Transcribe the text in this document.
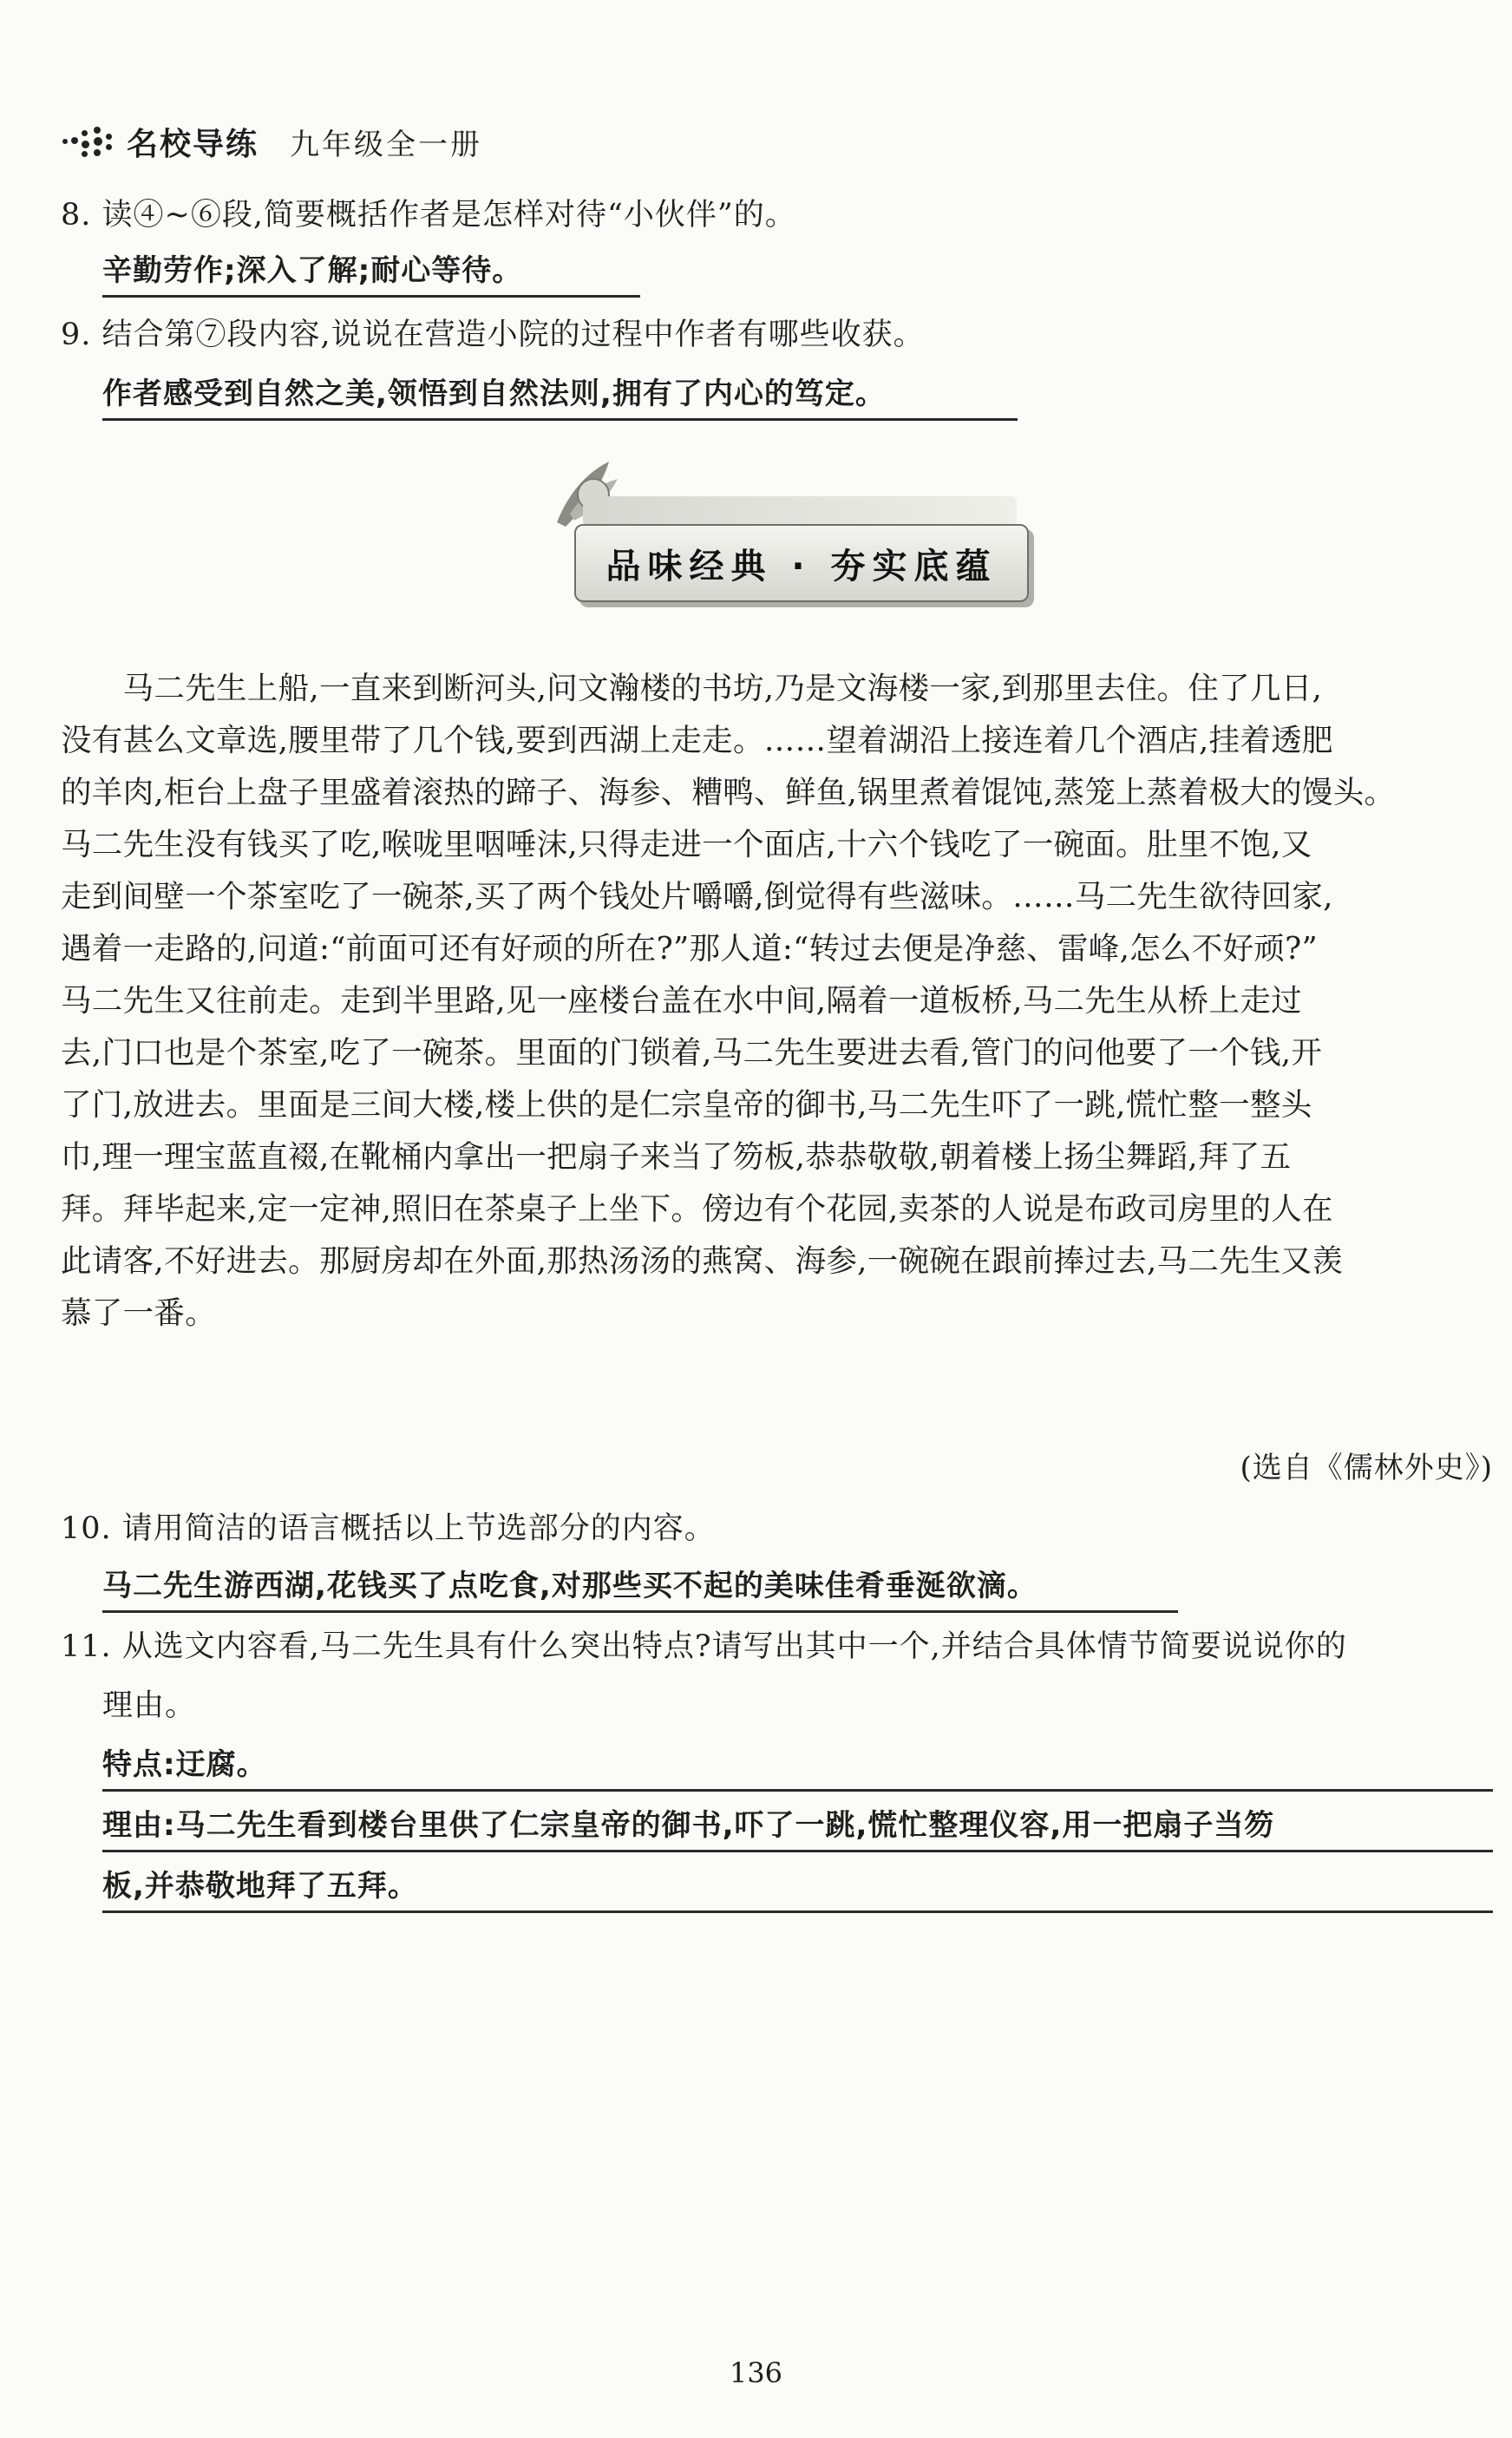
名校导练 九年级全一册
8. 读④~⑥段,简要概括作者是怎样对待“小伙伴”的。
辛勤劳作;深入了解;耐心等待。
9. 结合第⑦段内容,说说在营造小院的过程中作者有哪些收获。
作者感受到自然之美,领悟到自然法则,拥有了内心的笃定。
品味经典 · 夯实底蕴
　　马二先生上船,一直来到断河头,问文瀚楼的书坊,乃是文海楼一家,到那里去住。住了几日,
没有甚么文章选,腰里带了几个钱,要到西湖上走走。……望着湖沿上接连着几个酒店,挂着透肥
的羊肉,柜台上盘子里盛着滚热的蹄子、海参、糟鸭、鲜鱼,锅里煮着馄饨,蒸笼上蒸着极大的馒头。
马二先生没有钱买了吃,喉咙里咽唾沫,只得走进一个面店,十六个钱吃了一碗面。肚里不饱,又
走到间壁一个茶室吃了一碗茶,买了两个钱处片嚼嚼,倒觉得有些滋味。……马二先生欲待回家,
遇着一走路的,问道:“前面可还有好顽的所在?”那人道:“转过去便是净慈、雷峰,怎么不好顽?”
马二先生又往前走。走到半里路,见一座楼台盖在水中间,隔着一道板桥,马二先生从桥上走过
去,门口也是个茶室,吃了一碗茶。里面的门锁着,马二先生要进去看,管门的问他要了一个钱,开
了门,放进去。里面是三间大楼,楼上供的是仁宗皇帝的御书,马二先生吓了一跳,慌忙整一整头
巾,理一理宝蓝直裰,在靴桶内拿出一把扇子来当了笏板,恭恭敬敬,朝着楼上扬尘舞蹈,拜了五
拜。拜毕起来,定一定神,照旧在茶桌子上坐下。傍边有个花园,卖茶的人说是布政司房里的人在
此请客,不好进去。那厨房却在外面,那热汤汤的燕窝、海参,一碗碗在跟前捧过去,马二先生又羡
慕了一番。
(选自《儒林外史》)
10. 请用简洁的语言概括以上节选部分的内容。
马二先生游西湖,花钱买了点吃食,对那些买不起的美味佳肴垂涎欲滴。
11. 从选文内容看,马二先生具有什么突出特点?请写出其中一个,并结合具体情节简要说说你的
理由。
特点:迂腐。
理由:马二先生看到楼台里供了仁宗皇帝的御书,吓了一跳,慌忙整理仪容,用一把扇子当笏
板,并恭敬地拜了五拜。
136
